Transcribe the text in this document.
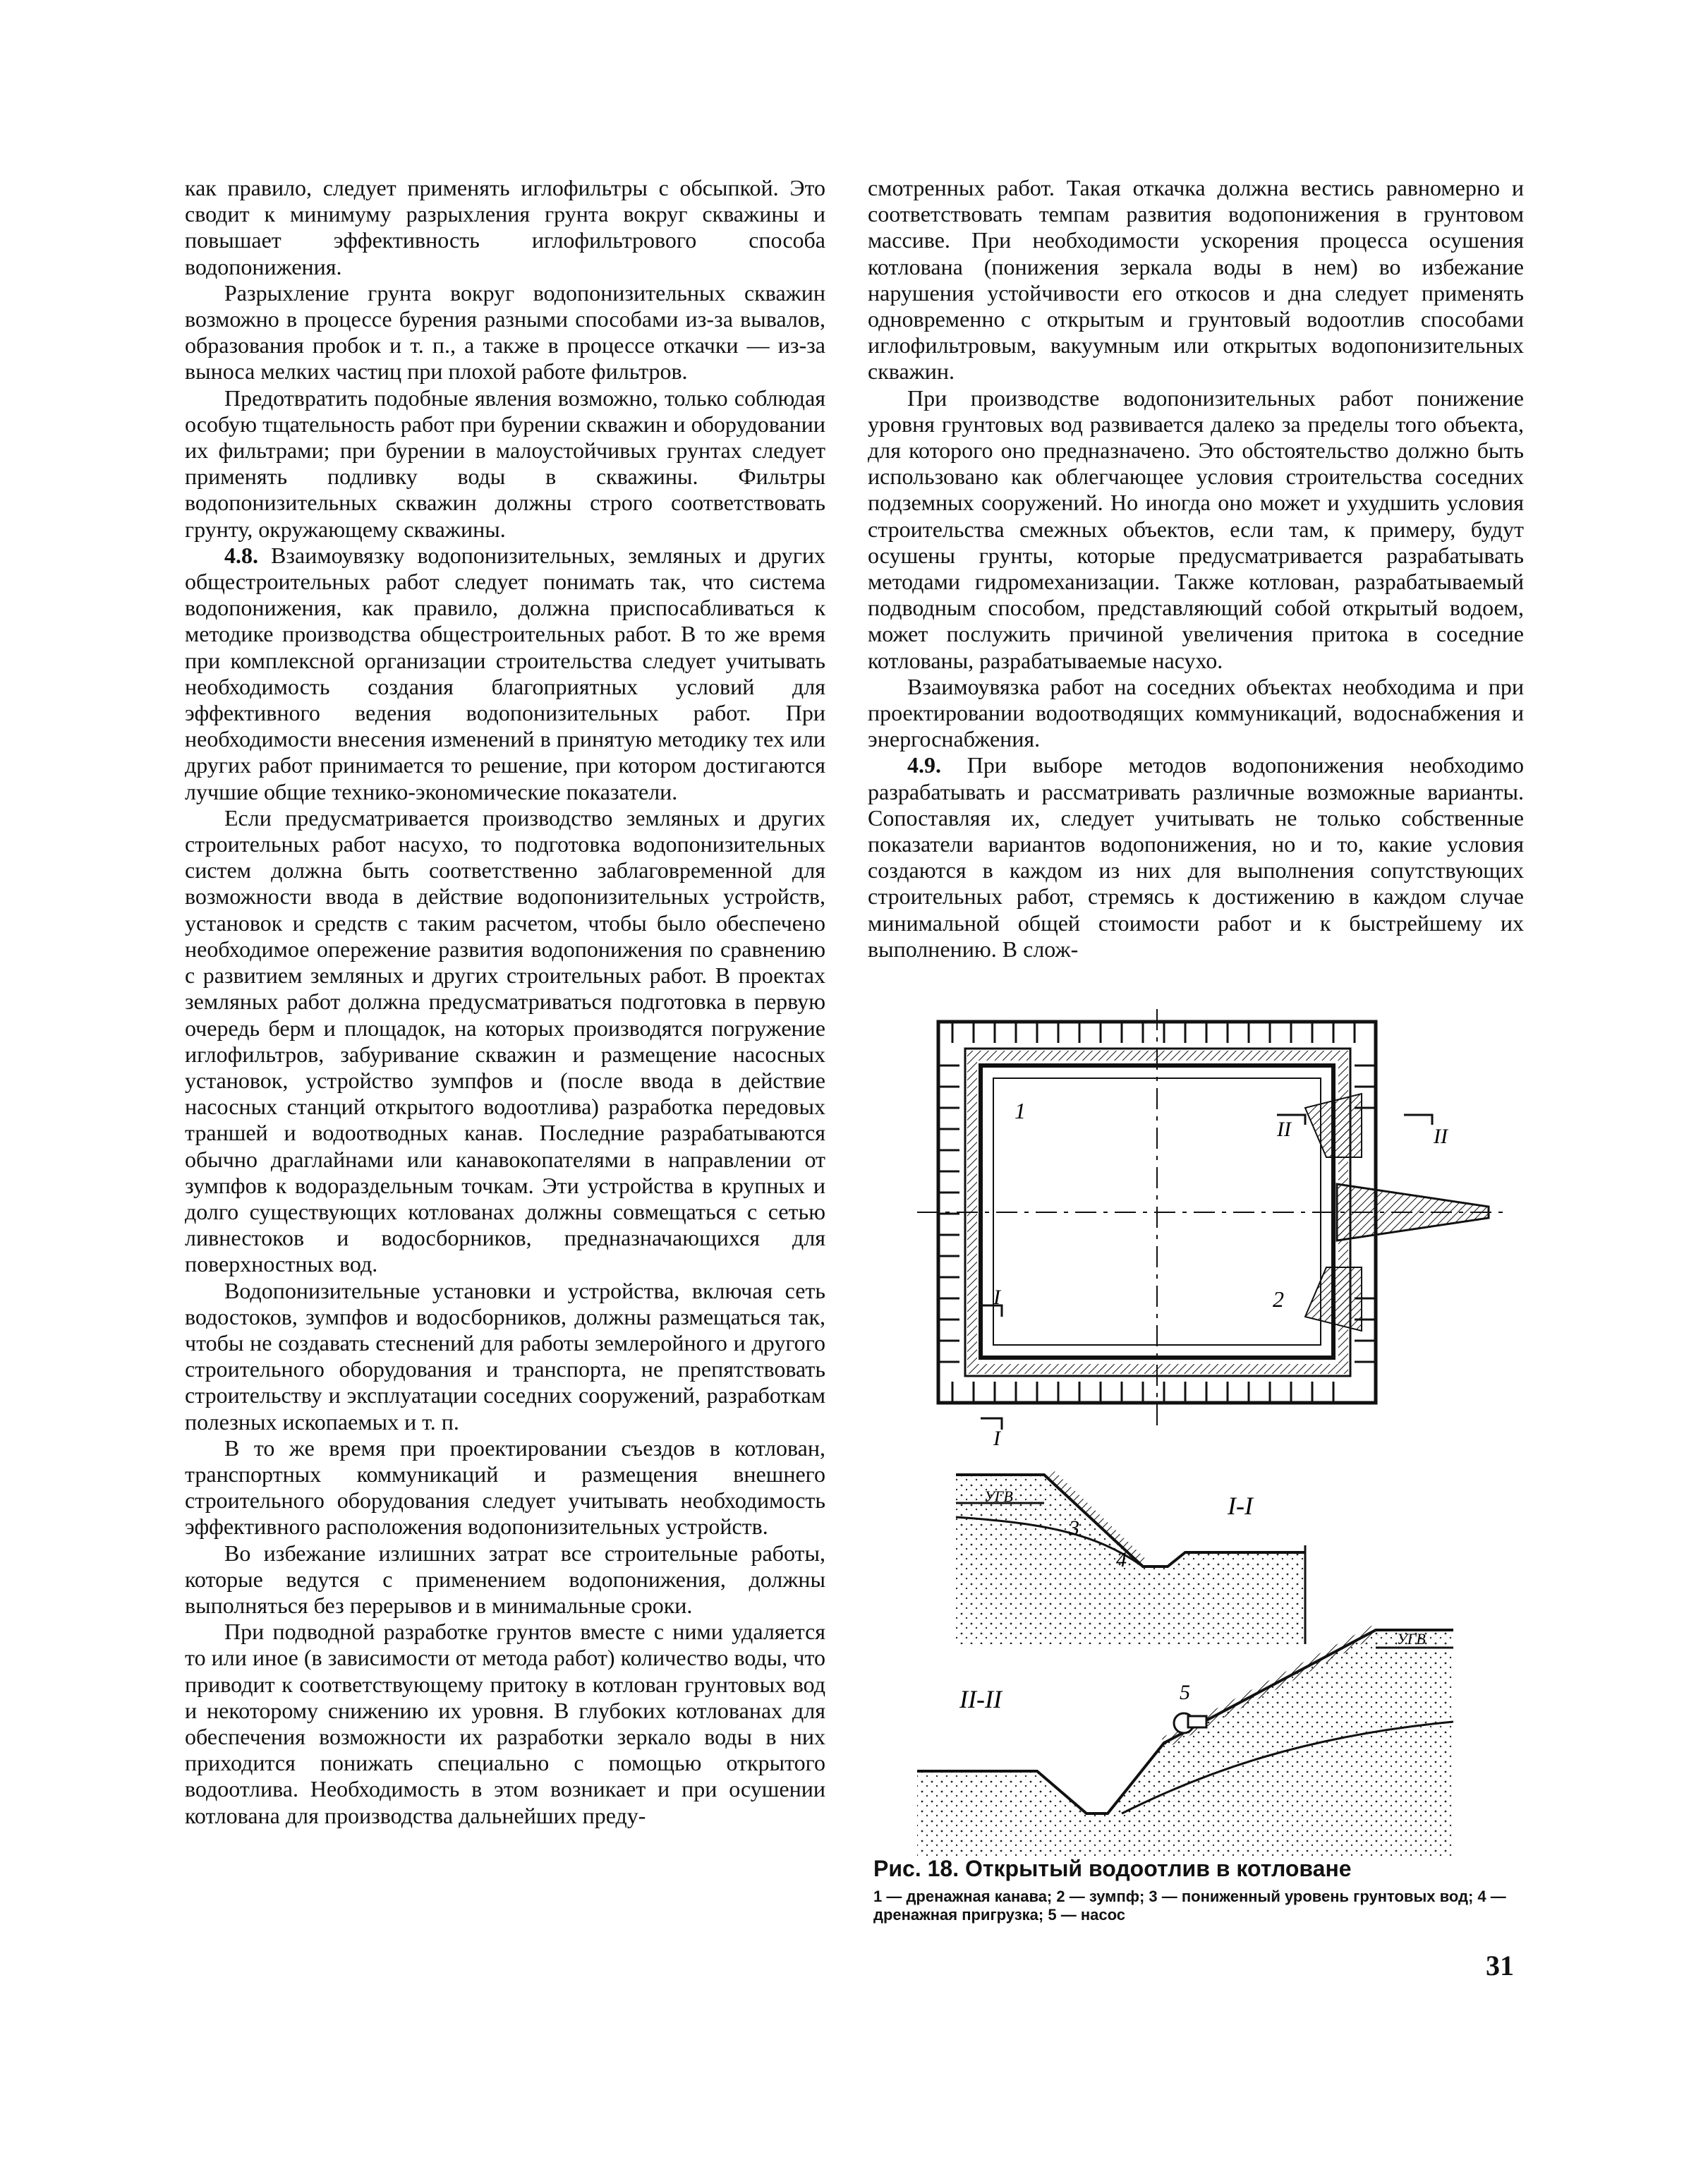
как правило, следует применять иглофильтры с обсыпкой. Это сводит к минимуму разрыхления грунта вокруг скважины и повышает эффективность иглофильтрового способа водопонижения.

Разрыхление грунта вокруг водопонизительных скважин возможно в процессе бурения разными способами из-за вывалов, образования пробок и т. п., а также в процессе откачки — из-за выноса мелких частиц при плохой работе фильтров.

Предотвратить подобные явления возможно, только соблюдая особую тщательность работ при бурении скважин и оборудовании их фильтрами; при бурении в малоустойчивых грунтах следует применять подливку воды в скважины. Фильтры водопонизительных скважин должны строго соответствовать грунту, окружающему скважины.

4.8. Взаимоувязку водопонизительных, земляных и других общестроительных работ следует понимать так, что система водопонижения, как правило, должна приспосабливаться к методике производства общестроительных работ. В то же время при комплексной организации строительства следует учитывать необходимость создания благоприятных условий для эффективного ведения водопонизительных работ. При необходимости внесения изменений в принятую методику тех или других работ принимается то решение, при котором достигаются лучшие общие технико-экономические показатели.

Если предусматривается производство земляных и других строительных работ насухо, то подготовка водопонизительных систем должна быть соответственно заблаговременной для возможности ввода в действие водопонизительных устройств, установок и средств с таким расчетом, чтобы было обеспечено необходимое опережение развития водопонижения по сравнению с развитием земляных и других строительных работ. В проектах земляных работ должна предусматриваться подготовка в первую очередь берм и площадок, на которых производятся погружение иглофильтров, забуривание скважин и размещение насосных установок, устройство зумпфов и (после ввода в действие насосных станций открытого водоотлива) разработка передовых траншей и водоотводных канав. Последние разрабатываются обычно драглайнами или канавокопателями в направлении от зумпфов к водораздельным точкам. Эти устройства в крупных и долго существующих котлованах должны совмещаться с сетью ливнестоков и водосборников, предназначающихся для поверхностных вод.

Водопонизительные установки и устройства, включая сеть водостоков, зумпфов и водосборников, должны размещаться так, чтобы не создавать стеснений для работы землеройного и другого строительного оборудования и транспорта, не препятствовать строительству и эксплуатации соседних сооружений, разработкам полезных ископаемых и т. п.

В то же время при проектировании съездов в котлован, транспортных коммуникаций и размещения внешнего строительного оборудования следует учитывать необходимость эффективного расположения водопонизительных устройств.

Во избежание излишних затрат все строительные работы, которые ведутся с применением водопонижения, должны выполняться без перерывов и в минимальные сроки.

При подводной разработке грунтов вместе с ними удаляется то или иное (в зависимости от метода работ) количество воды, что приводит к соответствующему притоку в котлован грунтовых вод и некоторому снижению их уровня. В глубоких котлованах для обеспечения возможности их разработки зеркало воды в них приходится понижать специально с помощью открытого водоотлива. Необходимость в этом возникает и при осушении котлована для производства дальнейших преду-

смотренных работ. Такая откачка должна вестись равномерно и соответствовать темпам развития водопонижения в грунтовом массиве. При необходимости ускорения процесса осушения котлована (понижения зеркала воды в нем) во избежание нарушения устойчивости его откосов и дна следует применять одновременно с открытым и грунтовый водоотлив способами иглофильтровым, вакуумным или открытых водопонизительных скважин.

При производстве водопонизительных работ понижение уровня грунтовых вод развивается далеко за пределы того объекта, для которого оно предназначено. Это обстоятельство должно быть использовано как облегчающее условия строительства соседних подземных сооружений. Но иногда оно может и ухудшить условия строительства смежных объектов, если там, к примеру, будут осушены грунты, которые предусматривается разрабатывать методами гидромеханизации. Также котлован, разрабатываемый подводным способом, представляющий собой открытый водоем, может послужить причиной увеличения притока в соседние котлованы, разрабатываемые насухо.

Взаимоувязка работ на соседних объектах необходима и при проектировании водоотводящих коммуникаций, водоснабжения и энергоснабжения.

4.9. При выборе методов водопонижения необходимо разрабатывать и рассматривать различные возможные варианты. Сопоставляя их, следует учитывать не только собственные показатели вариантов водопонижения, но и то, какие условия создаются в каждом из них для выполнения сопутствующих строительных работ, стремясь к достижению в каждом случае минимальной общей стоимости работ и к быстрейшему их выполнению. В слож-

1
I
I
II	II
2
УГВ
3
4
I-I
II-II	5
УГВ

Рис. 18. Открытый водоотлив в котловане

1 — дренажная канава; 2 — зумпф; 3 — пониженный уровень грунтовых вод; 4 — дренажная пригрузка; 5 — насос
31
